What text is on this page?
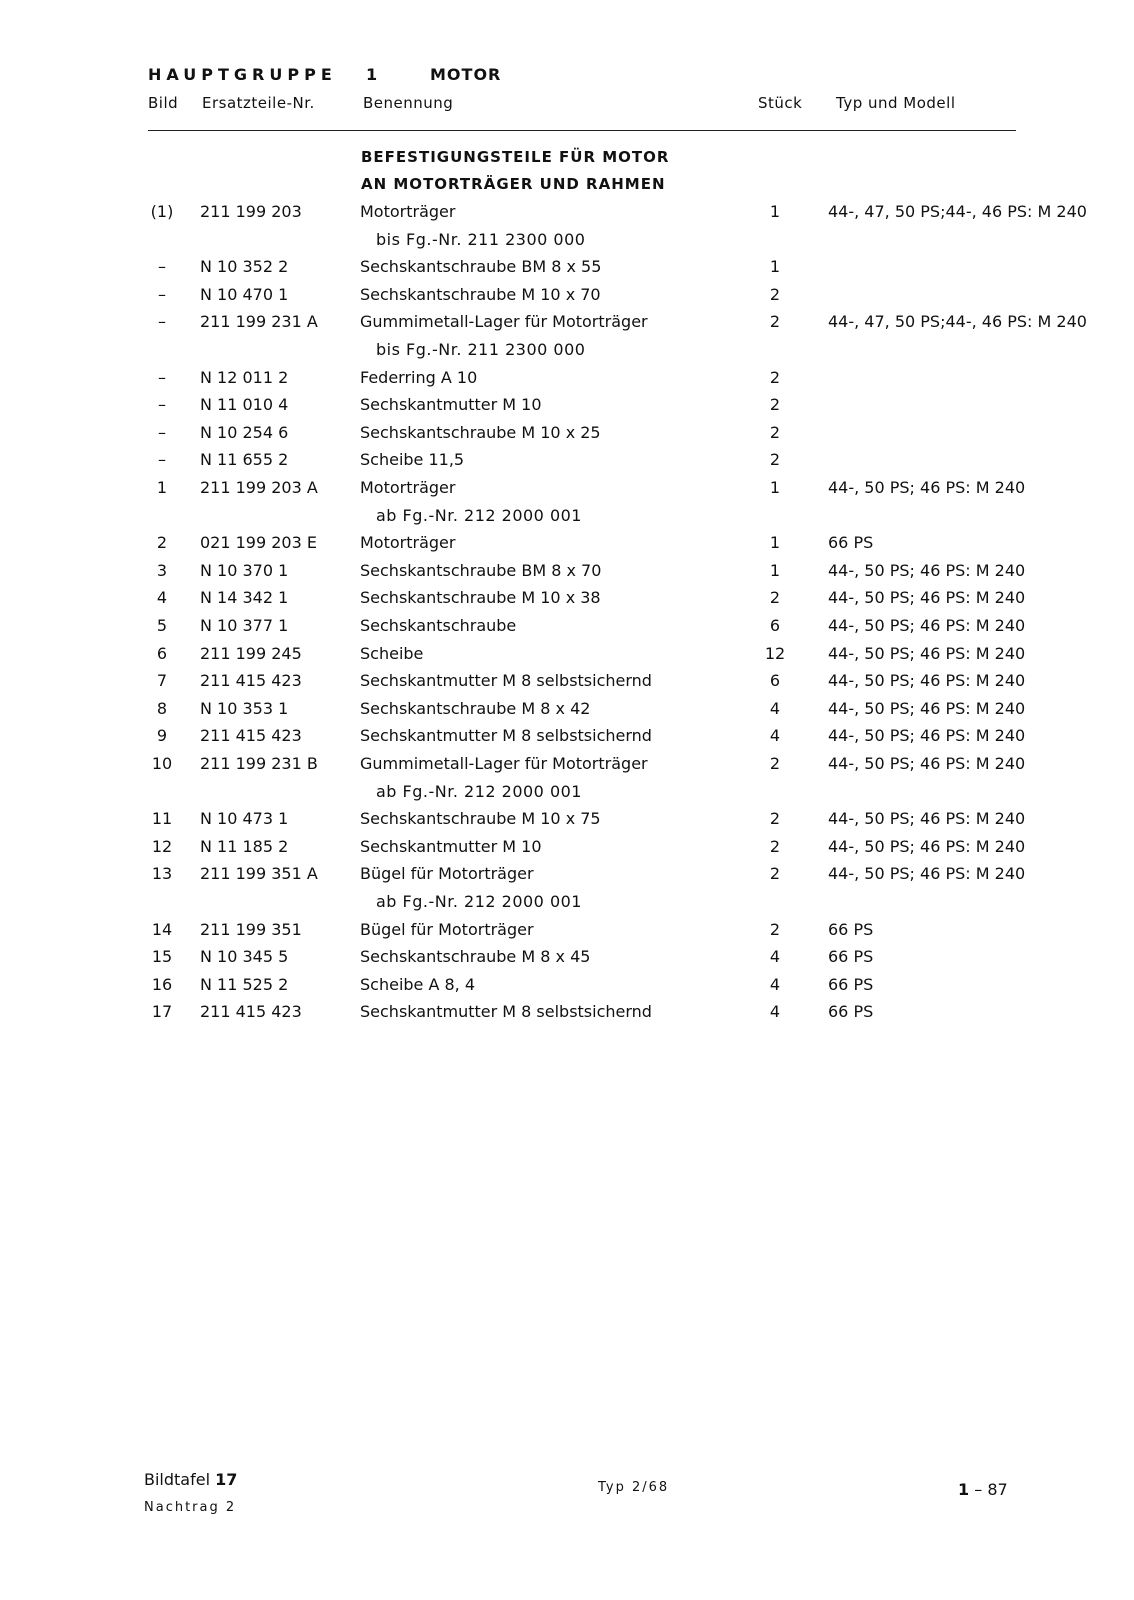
HAUPTGRUPPE 1	MOTOR
Bild Ersatzteile-Nr.	Benennung	Stück Typ und Modell
BEFESTIGUNGSTEILE FÜR MOTOR
AN MOTORTRÄGER UND RAHMEN
(1)	211 199 203	Motorträger	1	44-, 47, 50 PS;44-, 46 PS: M 240
bis Fg.-Nr. 211 2300 000
–	N 10 352 2	Sechskantschraube BM 8 x 55	1
–	N 10 470 1	Sechskantschraube M 10 x 70	2
–	211 199 231 A	Gummimetall-Lager für Motorträger	2	44-, 47, 50 PS;44-, 46 PS: M 240
bis Fg.-Nr. 211 2300 000
–	N 12 011 2	Federring A 10	2
–	N 11 010 4	Sechskantmutter M 10	2
–	N 10 254 6	Sechskantschraube M 10 x 25	2
–	N 11 655 2	Scheibe 11,5	2
1	211 199 203 A	Motorträger	1	44-, 50 PS; 46 PS: M 240
ab Fg.-Nr. 212 2000 001
2	021 199 203 E	Motorträger	1	66 PS
3	N 10 370 1	Sechskantschraube BM 8 x 70	1	44-, 50 PS; 46 PS: M 240
4	N 14 342 1	Sechskantschraube M 10 x 38	2	44-, 50 PS; 46 PS: M 240
5	N 10 377 1	Sechskantschraube	6	44-, 50 PS; 46 PS: M 240
6	211 199 245	Scheibe	12	44-, 50 PS; 46 PS: M 240
7	211 415 423	Sechskantmutter M 8 selbstsichernd	6	44-, 50 PS; 46 PS: M 240
8	N 10 353 1	Sechskantschraube M 8 x 42	4	44-, 50 PS; 46 PS: M 240
9	211 415 423	Sechskantmutter M 8 selbstsichernd	4	44-, 50 PS; 46 PS: M 240
10	211 199 231 B	Gummimetall-Lager für Motorträger	2	44-, 50 PS; 46 PS: M 240
ab Fg.-Nr. 212 2000 001
11	N 10 473 1	Sechskantschraube M 10 x 75	2	44-, 50 PS; 46 PS: M 240
12	N 11 185 2	Sechskantmutter M 10	2	44-, 50 PS; 46 PS: M 240
13	211 199 351 A	Bügel für Motorträger	2	44-, 50 PS; 46 PS: M 240
ab Fg.-Nr. 212 2000 001
14	211 199 351	Bügel für Motorträger	2	66 PS
15	N 10 345 5	Sechskantschraube M 8 x 45	4	66 PS
16	N 11 525 2	Scheibe A 8, 4	4	66 PS
17	211 415 423	Sechskantmutter M 8 selbstsichernd	4	66 PS
Bildtafel 17
Nachtrag 2
Typ 2/68	1 – 87
